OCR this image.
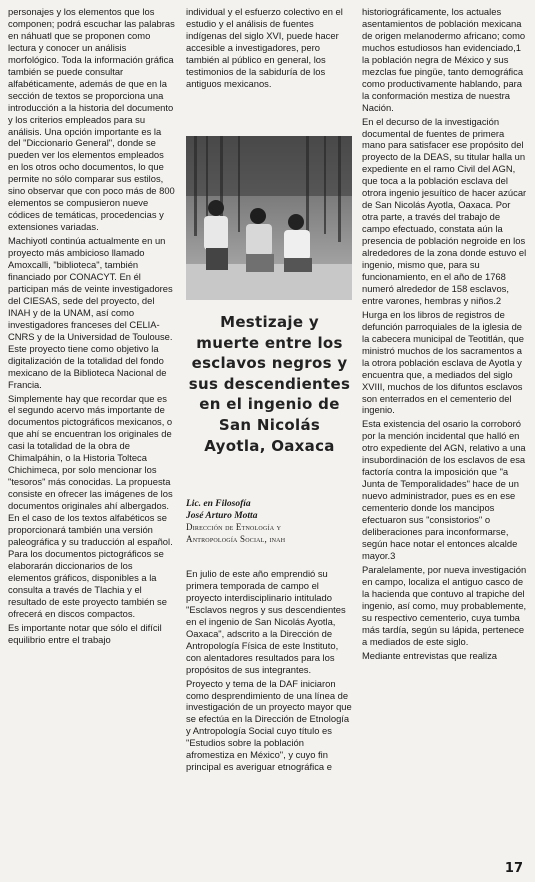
personajes y los elementos que los componen; podrá escuchar las palabras en náhuatl que se proponen como lectura y conocer un análisis morfológico. Toda la información gráfica también se puede consultar alfabéticamente, además de que en la sección de textos se proporciona una introducción a la historia del documento y los criterios empleados para su análisis. Una opción importante es la del "Diccionario General", donde se pueden ver los elementos empleados en los otros ocho documentos, lo que permite no sólo comparar sus estilos, sino observar que con poco más de 800 elementos se compusieron nueve códices de temáticas, procedencias y extensiones variadas.

Machiyotl continúa actualmente en un proyecto más ambicioso llamado Amoxcalli, "biblioteca", también financiado por CONACYT. En él participan más de veinte investigadores del CIESAS, sede del proyecto, del INAH y de la UNAM, así como investigadores franceses del CELIA-CNRS y de la Universidad de Toulouse. Este proyecto tiene como objetivo la digitalización de la totalidad del fondo mexicano de la Biblioteca Nacional de Francia.

Simplemente hay que recordar que es el segundo acervo más importante de documentos pictográficos mexicanos, o que ahí se encuentran los originales de casi la totalidad de la obra de Chimalpáhin, o la Historia Tolteca Chichimeca, por solo mencionar los "tesoros" más conocidas. La propuesta consiste en ofrecer las imágenes de los documentos originales ahí albergados. En el caso de los textos alfabéticos se proporcionará también una versión paleográfica y su traducción al español. Para los documentos pictográficos se elaborarán diccionarios de los elementos gráficos, disponibles a la consulta a través de Tlachia y el resultado de este proyecto también se ofrecerá en discos compactos.

Es importante notar que sólo el difícil equilibrio entre el trabajo

individual y el esfuerzo colectivo en el estudio y el análisis de fuentes indígenas del siglo XVI, puede hacer accesible a investigadores, pero también al público en general, los testimonios de la sabiduría de los antiguos mexicanos.

Mestizaje y muerte entre los esclavos negros y sus descendientes en el ingenio de San Nicolás Ayotla, Oaxaca
Lic. en Filosofía
José Arturo Motta
Dirección de Etnología y
Antropología Social, inah

En julio de este año emprendió su primera temporada de campo el proyecto interdisciplinario intitulado "Esclavos negros y sus descendientes en el ingenio de San Nicolás Ayotla, Oaxaca", adscrito a la Dirección de Antropología Física de este Instituto, con alentadores resultados para los propósitos de sus integrantes.

Proyecto y tema de la DAF iniciaron como desprendimiento de una línea de investigación de un proyecto mayor que se efectúa en la Dirección de Etnología y Antropología Social cuyo título es "Estudios sobre la población afromestiza en México", y cuyo fin principal es averiguar etnográfica e

historiográficamente, los actuales asentamientos de población mexicana de origen melanodermo africano; como muchos estudiosos han evidenciado,1 la población negra de México y sus mezclas fue pingüe, tanto demográfica como productivamente hablando, para la conformación mestiza de nuestra Nación.

En el decurso de la investigación documental de fuentes de primera mano para satisfacer ese propósito del proyecto de la DEAS, su titular halla un expediente en el ramo Civil del AGN, que toca a la población esclava del otrora ingenio jesuítico de hacer azúcar de San Nicolás Ayotla, Oaxaca. Por otra parte, a través del trabajo de campo efectuado, constata aún la presencia de población negroide en los alrededores de la zona donde estuvo el ingenio, mismo que, para su funcionamiento, en el año de 1768 numeró alrededor de 158 esclavos, entre varones, hembras y niños.2

Hurga en los libros de registros de defunción parroquiales de la iglesia de la cabecera municipal de Teotitlán, que ministró muchos de los sacramentos a la otrora población esclava de Ayotla y encuentra que, a mediados del siglo XVIII, muchos de los difuntos esclavos son enterrados en el cementerio del ingenio.

Esta existencia del osario la corroboró por la mención incidental que halló en otro expediente del AGN, relativo a una insubordinación de los esclavos de esa factoría contra la imposición que "a Junta de Temporalidades" hace de un nuevo administrador, pues es en ese cementerio donde los mancipos efectuaron sus "consistorios" o deliberaciones para inconformarse, según hace notar el entonces alcalde mayor.3

Paralelamente, por nueva investigación en campo, localiza el antiguo casco de la hacienda que contuvo al trapiche del ingenio, así como, muy probablemente, su respectivo cementerio, cuya tumba más tardía, según su lápida, pertenece a mediados de este siglo.

Mediante entrevistas que realiza

17
